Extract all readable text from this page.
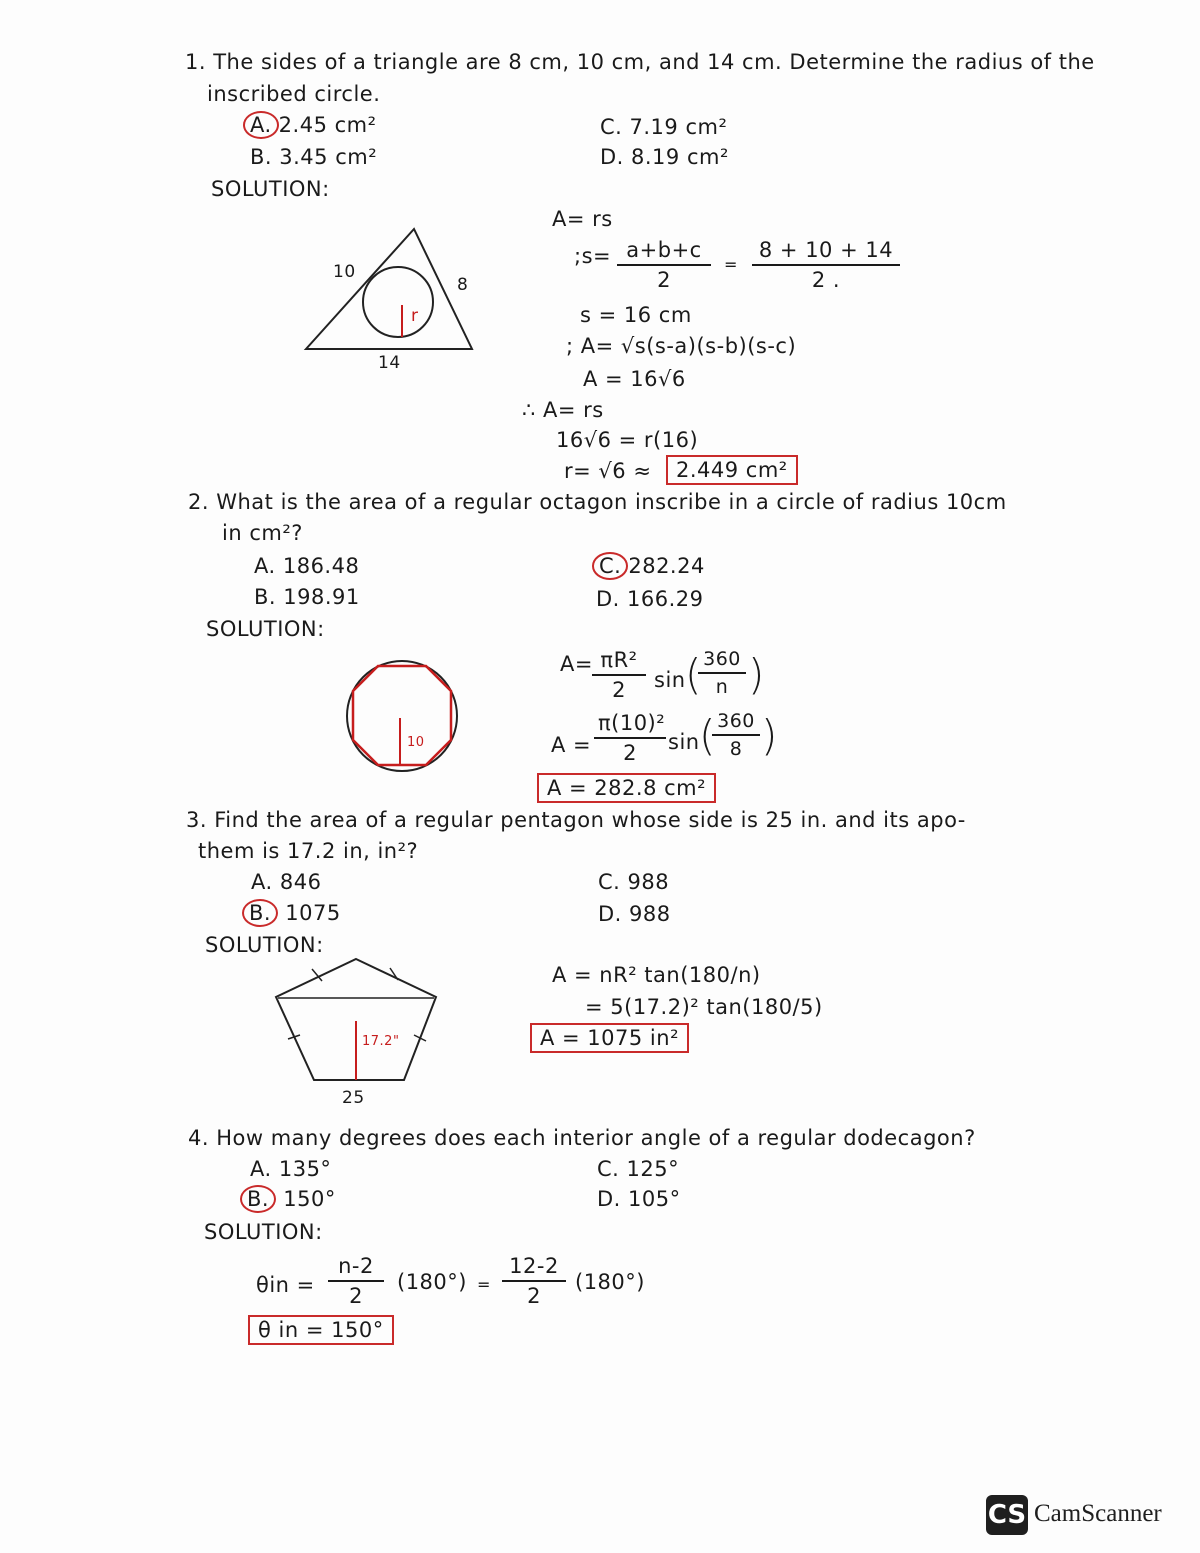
1. The sides of a triangle are 8 cm, 10 cm, and 14 cm. Determine the radius of the
inscribed circle.
A. 2.45 cm²
B. 3.45 cm²
C. 7.19 cm²
D. 8.19 cm²
SOLUTION:
10
8
14
r
A= rs
;s= $\frac{a+b+c}{2} = \frac{8 + 10 + 14}{2 .}$
s = 16 cm
; A= √s(s-a)(s-b)(s-c)
A = 16√6
∴ A= rs
16√6 = r(16)
r= √6 ≈	2.449 cm²
2. What is the area of a regular octagon inscribe in a circle of radius 10cm
in cm²?
A. 186.48
B. 198.91
C. 282.24
D. 166.29
SOLUTION:
10
$A= \frac{\text{πR²}}{2}$ sin (
$\frac{360}{n}$ )
$A = \frac{\text{π(10)²}}{2}$ sin (
$\frac{360}{8}$ )
A = 282.8 cm²
3. Find the area of a regular pentagon whose side is 25 in. and its apo-
them is 17.2 in, in²?
A. 846
B. 1075
C. 988
D. 988
SOLUTION:
17.2"
25
A = nR² tan(180/n)
= 5(17.2)² tan(180/5)
A = 1075 in²
4. How many degrees does each interior angle of a regular dodecagon?
A. 135°
B. 150°
C. 125°
D. 105°
SOLUTION:
$\theta in = \frac{n-2}{2} (180^\circ) = \frac{12-2}{2} (180^\circ)$
θ in = 150°
CS CamScanner
